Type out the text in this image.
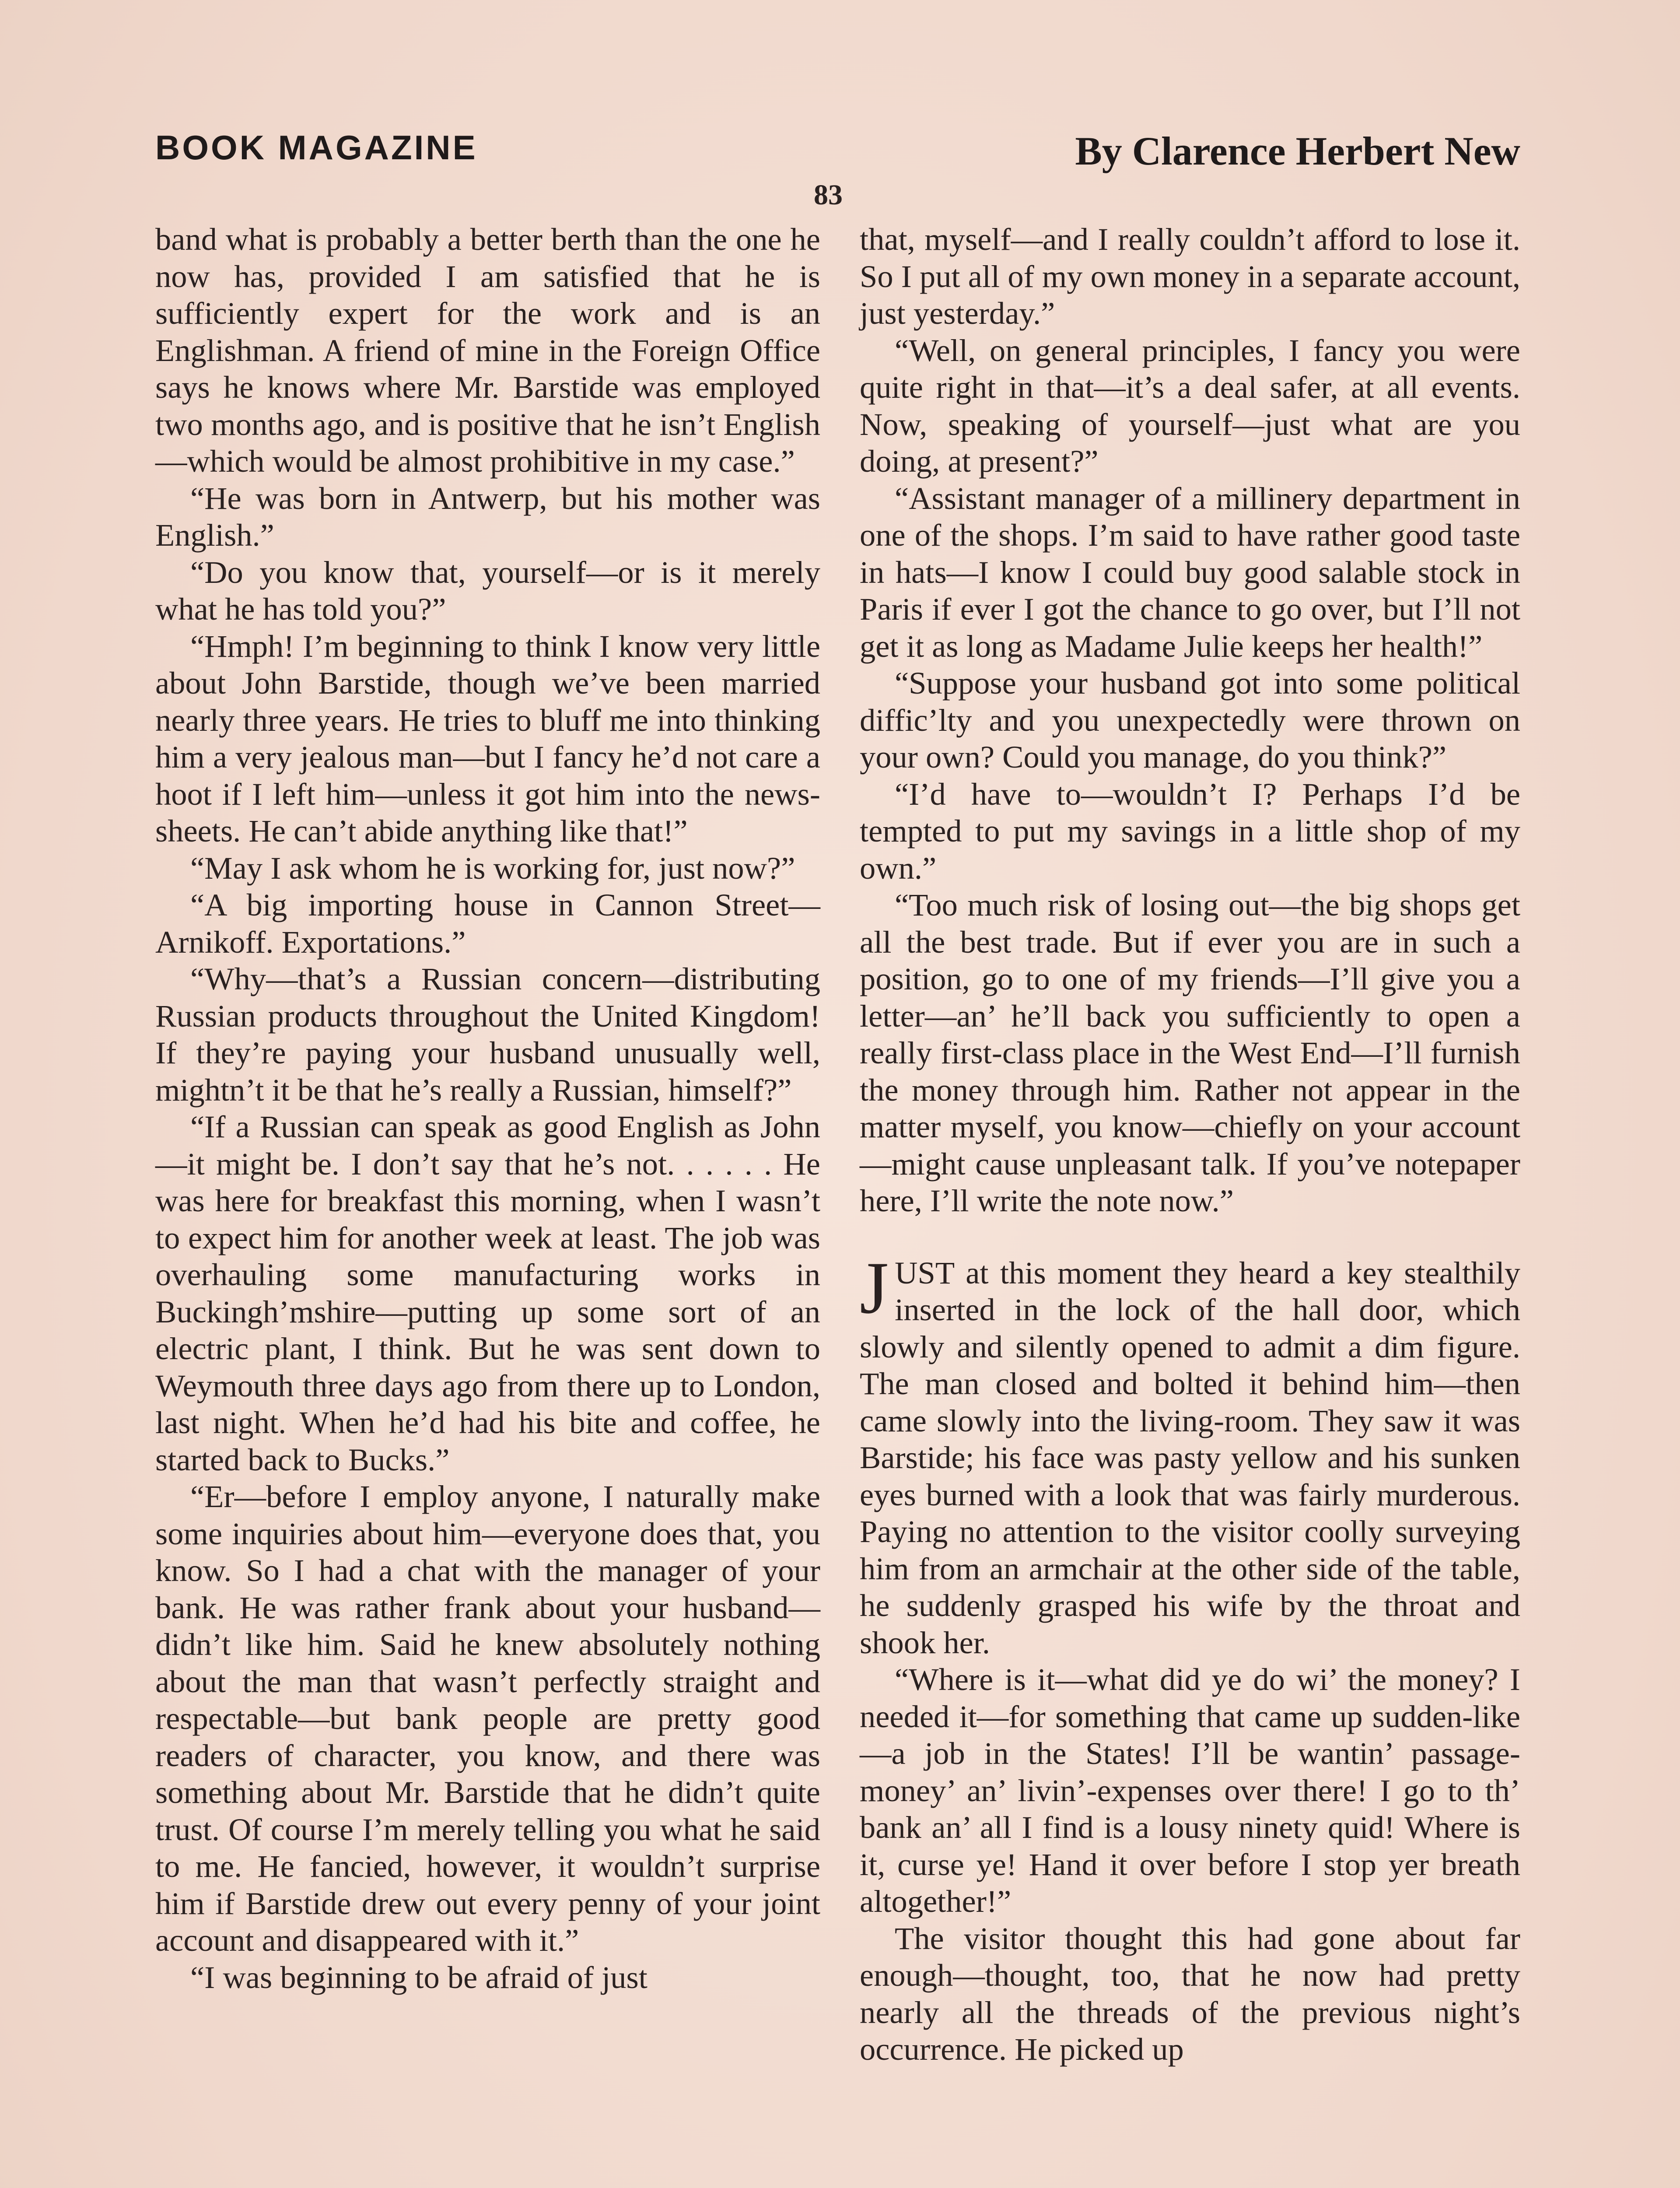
BOOK MAGAZINE	By Clarence Herbert New
83

band what is probably a better berth than the one he now has, provided I am satisfied that he is sufficiently expert for the work and is an Englishman. A friend of mine in the Foreign Office says he knows where Mr. Barstide was employed two months ago, and is positive that he isn’t English—which would be almost prohibitive in my case.”

“He was born in Antwerp, but his mother was English.”

“Do you know that, yourself—or is it merely what he has told you?”

“Hmph! I’m beginning to think I know very little about John Barstide, though we’ve been married nearly three years. He tries to bluff me into thinking him a very jealous man—but I fancy he’d not care a hoot if I left him—unless it got him into the news-sheets. He can’t abide anything like that!”

“May I ask whom he is working for, just now?”

“A big importing house in Cannon Street—Arnikoff. Exportations.”

“Why—that’s a Russian concern—distributing Russian products throughout the United Kingdom! If they’re paying your husband unusually well, mightn’t it be that he’s really a Russian, himself?”

“If a Russian can speak as good English as John—it might be. I don’t say that he’s not. . . . . . He was here for breakfast this morning, when I wasn’t to expect him for another week at least. The job was overhauling some manufacturing works in Buckingh’mshire—putting up some sort of an electric plant, I think. But he was sent down to Weymouth three days ago from there up to London, last night. When he’d had his bite and coffee, he started back to Bucks.”

“Er—before I employ anyone, I naturally make some inquiries about him—everyone does that, you know. So I had a chat with the manager of your bank. He was rather frank about your husband—didn’t like him. Said he knew absolutely nothing about the man that wasn’t perfectly straight and respectable—but bank people are pretty good readers of character, you know, and there was something about Mr. Barstide that he didn’t quite trust. Of course I’m merely telling you what he said to me. He fancied, however, it wouldn’t surprise him if Barstide drew out every penny of your joint account and disappeared with it.”

“I was beginning to be afraid of just

that, myself—and I really couldn’t afford to lose it. So I put all of my own money in a separate account, just yesterday.”

“Well, on general principles, I fancy you were quite right in that—it’s a deal safer, at all events. Now, speaking of yourself—just what are you doing, at present?”

“Assistant manager of a millinery department in one of the shops. I’m said to have rather good taste in hats—I know I could buy good salable stock in Paris if ever I got the chance to go over, but I’ll not get it as long as Madame Julie keeps her health!”

“Suppose your husband got into some political diffic’lty and you unexpectedly were thrown on your own? Could you manage, do you think?”

“I’d have to—wouldn’t I? Perhaps I’d be tempted to put my savings in a little shop of my own.”

“Too much risk of losing out—the big shops get all the best trade. But if ever you are in such a position, go to one of my friends—I’ll give you a letter—an’ he’ll back you sufficiently to open a really first-class place in the West End—I’ll furnish the money through him. Rather not appear in the matter myself, you know—chiefly on your account—might cause unpleasant talk. If you’ve notepaper here, I’ll write the note now.”

JUST at this moment they heard a key stealthily inserted in the lock of the hall door, which slowly and silently opened to admit a dim figure. The man closed and bolted it behind him—then came slowly into the living-room. They saw it was Barstide; his face was pasty yellow and his sunken eyes burned with a look that was fairly murderous. Paying no attention to the visitor coolly surveying him from an armchair at the other side of the table, he suddenly grasped his wife by the throat and shook her.

“Where is it—what did ye do wi’ the money? I needed it—for something that came up sudden-like—a job in the States! I’ll be wantin’ passage-money’ an’ livin’-expenses over there! I go to th’ bank an’ all I find is a lousy ninety quid! Where is it, curse ye! Hand it over before I stop yer breath altogether!”

The visitor thought this had gone about far enough—thought, too, that he now had pretty nearly all the threads of the previous night’s occurrence. He picked up
